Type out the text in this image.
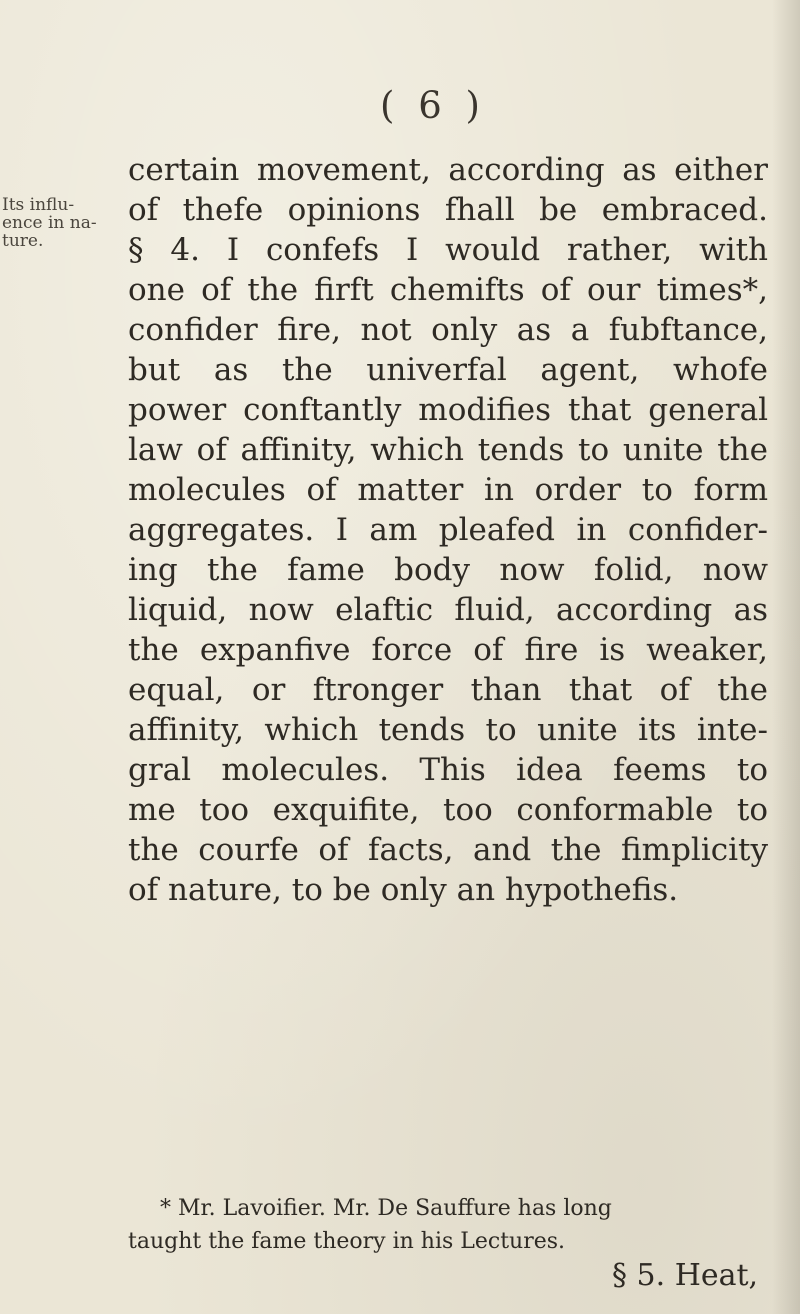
( 6 )
Its influ-
ence in na-
ture.
certain movement, according as either
of thefe opinions fhall be embraced.
§ 4. I confefs I would rather, with
one of the firft chemifts of our times*,
confider fire, not only as a fubftance,
but as the univerfal agent, whofe
power conftantly modifies that general
law of affinity, which tends to unite the
molecules of matter in order to form
aggregates. I am pleafed in confider-
ing the fame body now folid, now
liquid, now elaftic fluid, according as
the expanfive force of fire is weaker,
equal, or ftronger than that of the
affinity, which tends to unite its inte-
gral molecules. This idea feems to
me too exquifite, too conformable to
the courfe of facts, and the fimplicity
of nature, to be only an hypothefis.
* Mr. Lavoifier. Mr. De Sauffure has long
taught the fame theory in his Lectures.
§ 5. Heat,
